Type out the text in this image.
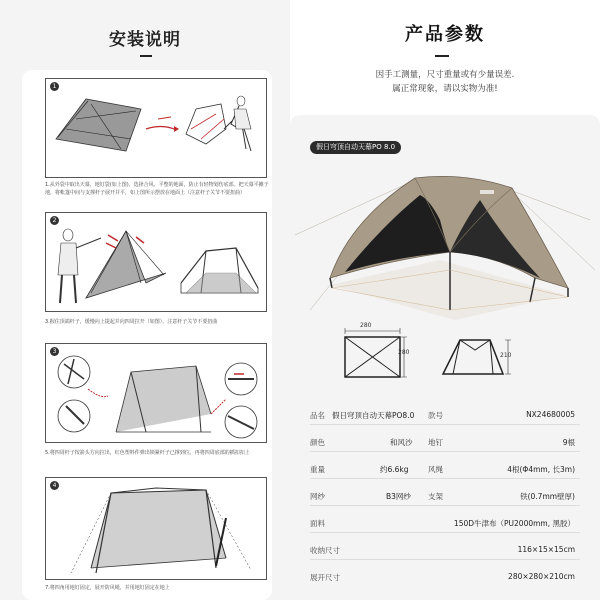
安装说明
1
1.从外袋中取出天幕，地钉袋(如上图)，选择合风、平整的地面，防止有轻物划伤底部。把天幕平摊于地，将帐篷中间与支撑杆子展开并平，如上图所示摆放在地面上（注意杆子关节不要扭曲）
2
3.握住顶端杆子，缓慢向上提起并向四周拉开（如图），注意杆子关节不要扭曲
3
5.将四周杆子按箭头方向拉出，红色塑料件弹出锁紧杆子已撑到位，再将四周底部的插扣扣上
4
7.将四角用地钉固定，展开防风绳，并用地钉固定在地上
产品参数
因手工测量，尺寸重量或有少量误差.
属正常现象，请以实物为准!
假日穹顶自动天幕PO 8.0
280
280	210
品名 假日穹顶自动天幕PO8.0 款号	NX24680005
颜色	和风沙 地钉	9根
重量	约6.6kg	风绳	4根(Φ4mm, 长3m)
网纱	B3网纱 支架	铁(0.7mm壁厚)
面料	150D牛津布（PU2000mm, 黑胶）
收纳尺寸	116×15×15cm
展开尺寸	280×280×210cm
